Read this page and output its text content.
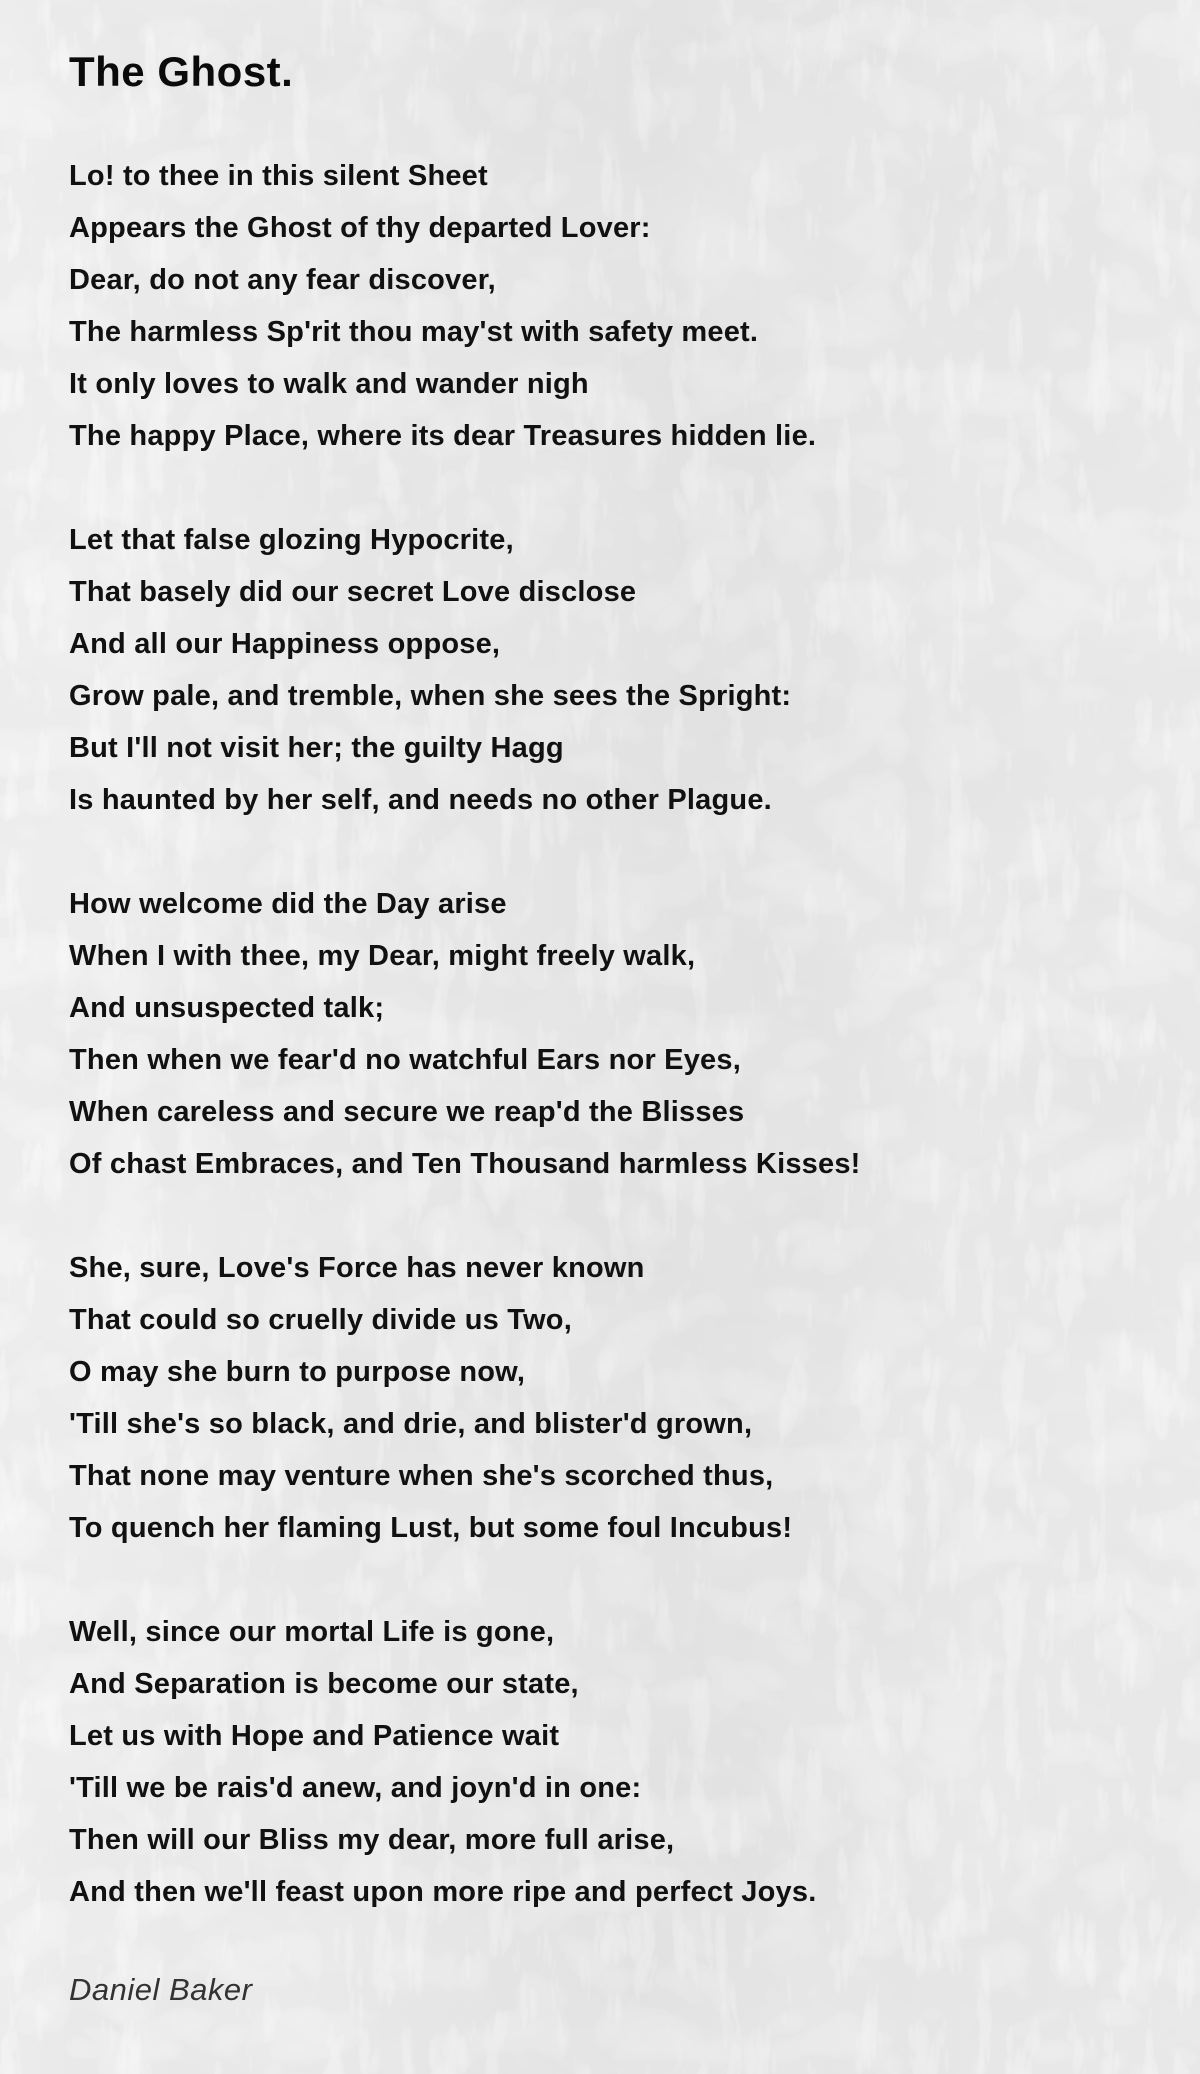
The Ghost.

Lo! to thee in this silent Sheet

Appears the Ghost of thy departed Lover:

Dear, do not any fear discover,

The harmless Sp'rit thou may'st with safety meet.

It only loves to walk and wander nigh

The happy Place, where its dear Treasures hidden lie.

Let that false glozing Hypocrite,

That basely did our secret Love disclose

And all our Happiness oppose,

Grow pale, and tremble, when she sees the Spright:

But I'll not visit her; the guilty Hagg

Is haunted by her self, and needs no other Plague.

How welcome did the Day arise

When I with thee, my Dear, might freely walk,

And unsuspected talk;

Then when we fear'd no watchful Ears nor Eyes,

When careless and secure we reap'd the Blisses

Of chast Embraces, and Ten Thousand harmless Kisses!

She, sure, Love's Force has never known

That could so cruelly divide us Two,

O may she burn to purpose now,

'Till she's so black, and drie, and blister'd grown,

That none may venture when she's scorched thus,

To quench her flaming Lust, but some foul Incubus!

Well, since our mortal Life is gone,

And Separation is become our state,

Let us with Hope and Patience wait

'Till we be rais'd anew, and joyn'd in one:

Then will our Bliss my dear, more full arise,

And then we'll feast upon more ripe and perfect Joys.

Daniel Baker
